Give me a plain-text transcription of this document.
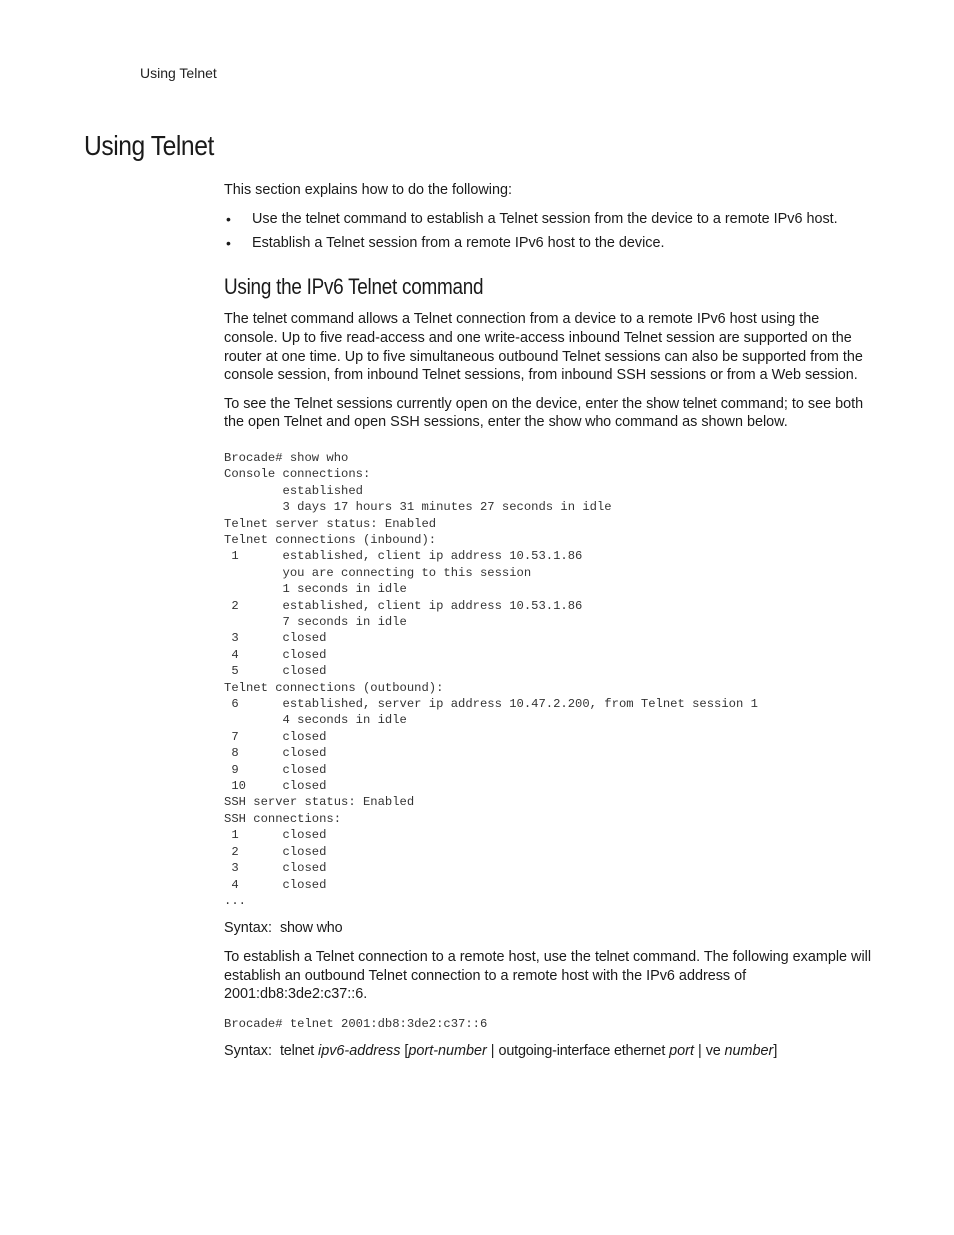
Using Telnet
Using Telnet

This section explains how to do the following:

• Use the telnet command to establish a Telnet session from the device to a remote IPv6 host.
• Establish a Telnet session from a remote IPv6 host to the device.
Using the IPv6 Telnet command

The telnet command allows a Telnet connection from a device to a remote IPv6 host using the console. Up to five read-access and one write-access inbound Telnet session are supported on the router at one time. Up to five simultaneous outbound Telnet sessions can also be supported from the console session, from inbound Telnet sessions, from inbound SSH sessions or from a Web session.

To see the Telnet sessions currently open on the device, enter the show telnet command; to see both the open Telnet and open SSH sessions, enter the show who command as shown below.

Brocade# show who
Console connections:
established
3 days 17 hours 31 minutes 27 seconds in idle
Telnet server status: Enabled
Telnet connections (inbound):
1      established, client ip address 10.53.1.86
you are connecting to this session
1 seconds in idle
2      established, client ip address 10.53.1.86
7 seconds in idle
3      closed
4      closed
5      closed
Telnet connections (outbound):
6      established, server ip address 10.47.2.200, from Telnet session 1
4 seconds in idle
7      closed
8      closed
9      closed
10     closed
SSH server status: Enabled
SSH connections:
1      closed
2      closed
3      closed
4      closed
...

Syntax: show who

To establish a Telnet connection to a remote host, use the telnet command. The following example will establish an outbound Telnet connection to a remote host with the IPv6 address of 2001:db8:3de2:c37::6.

Brocade# telnet 2001:db8:3de2:c37::6

Syntax: telnet ipv6-address [port-number | outgoing-interface ethernet port | ve number]
